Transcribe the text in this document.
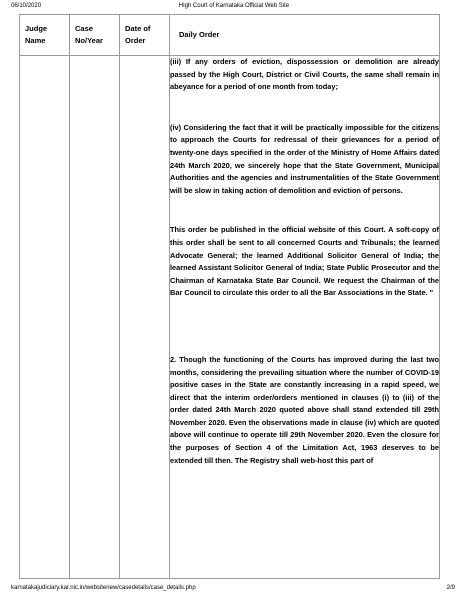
06/10/2020	High Court of Karnataka Official Web Site
Judge Name	Case No/Year	Date of Order	Daily Order

			(iii) If any orders of eviction, dispossession or demolition are already passed by the High Court, District or Civil Courts, the same shall remain in abeyance for a period of one month from today;

(iv) Considering the fact that it will be practically impossible for the citizens to approach the Courts for redressal of their grievances for a period of twenty-one days specified in the order of the Ministry of Home Affairs dated 24th March 2020, we sincerely hope that the State Government, Municipal Authorities and the agencies and instrumentalities of the State Government will be slow in taking action of demolition and eviction of persons.

This order be published in the official website of this Court. A soft-copy of this order shall be sent to all concerned Courts and Tribunals; the learned Advocate General; the learned Additional Solicitor General of India; the learned Assistant Solicitor General of India; State Public Prosecutor and the Chairman of Karnataka State Bar Council. We request the Chairman of the Bar Council to circulate this order to all the Bar Associations in the State. "

2. Though the functioning of the Courts has improved during the last two months, considering the prevailing situation where the number of COVID-19 positive cases in the State are constantly increasing in a rapid speed, we direct that the interim order/orders mentioned in clauses (i) to (iii) of the order dated 24th March 2020 quoted above shall stand extended till 29th November 2020. Even the observations made in clause (iv) which are quoted above will continue to operate till 29th November 2020. Even the closure for the purposes of Section 4 of the Limitation Act, 1963 deserves to be extended till then. The Registry shall web-host this part of

karnatakajudiciary.kar.nic.in/websitenew/casedetails/case_details.php	2/9
